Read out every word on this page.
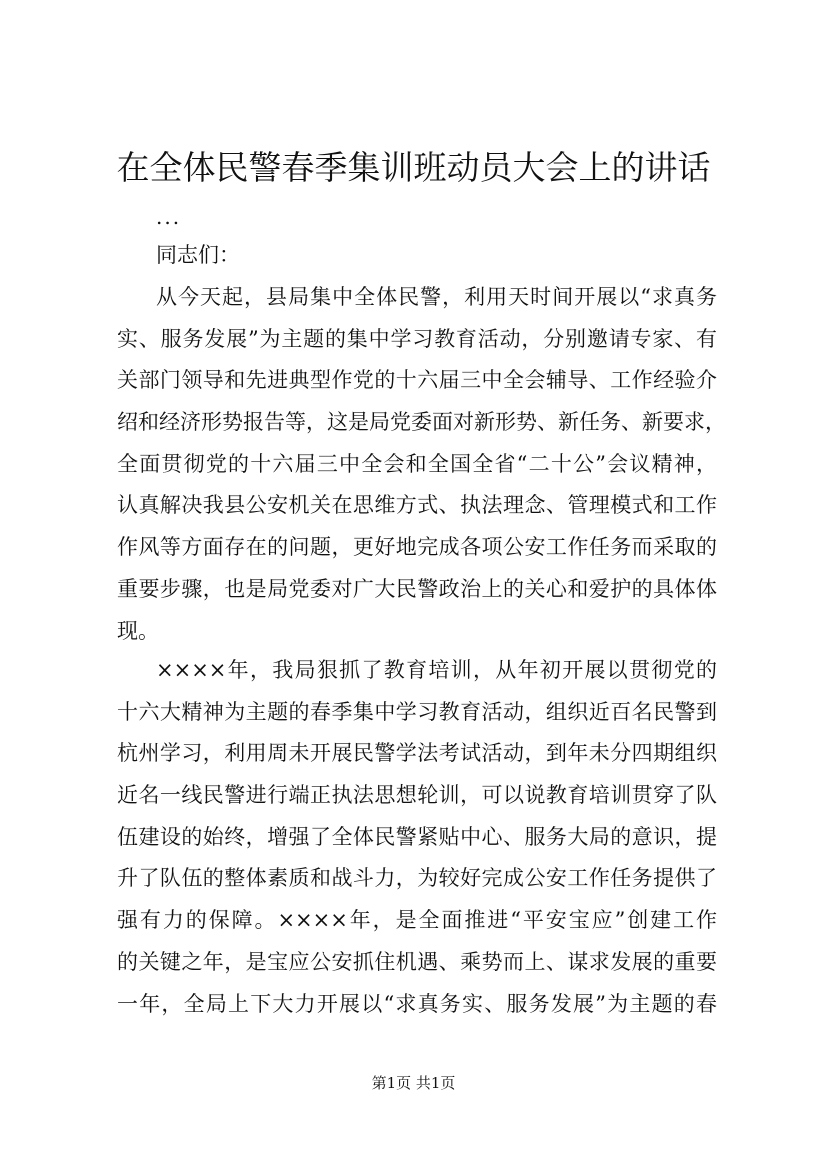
在全体民警春季集训班动员大会上的讲话
...
同志们：
从今天起，县局集中全体民警，利用天时间开展以“求真务
实、服务发展”为主题的集中学习教育活动，分别邀请专家、有
关部门领导和先进典型作党的十六届三中全会辅导、工作经验介
绍和经济形势报告等，这是局党委面对新形势、新任务、新要求，
全面贯彻党的十六届三中全会和全国全省“二十公”会议精神，
认真解决我县公安机关在思维方式、执法理念、管理模式和工作
作风等方面存在的问题，更好地完成各项公安工作任务而采取的
重要步骤，也是局党委对广大民警政治上的关心和爱护的具体体
现。
××××年，我局狠抓了教育培训，从年初开展以贯彻党的
十六大精神为主题的春季集中学习教育活动，组织近百名民警到
杭州学习，利用周未开展民警学法考试活动，到年未分四期组织
近名一线民警进行端正执法思想轮训，可以说教育培训贯穿了队
伍建设的始终，增强了全体民警紧贴中心、服务大局的意识，提
升了队伍的整体素质和战斗力，为较好完成公安工作任务提供了
强有力的保障。××××年，是全面推进“平安宝应”创建工作
的关键之年，是宝应公安抓住机遇、乘势而上、谋求发展的重要
一年，全局上下大力开展以“求真务实、服务发展”为主题的春
第1页 共1页
